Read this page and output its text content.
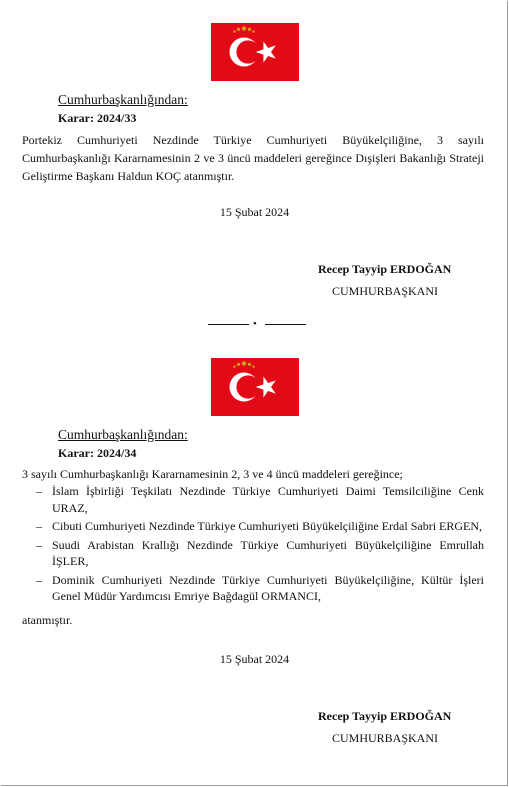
Cumhurbaşkanlığından:
Karar: 2024/33
Portekiz Cumhuriyeti Nezdinde Türkiye Cumhuriyeti Büyükelçiliğine, 3 sayılı Cumhurbaşkanlığı Kararnamesinin 2 ve 3 üncü maddeleri gereğince Dışişleri Bakanlığı Strateji Geliştirme Başkanı Haldun KOÇ atanmıştır.
15 Şubat 2024
Recep Tayyip ERDOĞAN
CUMHURBAŞKANI
•
Cumhurbaşkanlığından:
Karar: 2024/34
3 sayılı Cumhurbaşkanlığı Kararnamesinin 2, 3 ve 4 üncü maddeleri gereğince;
– İslam İşbirliği Teşkilatı Nezdinde Türkiye Cumhuriyeti Daimi Temsilciliğine Cenk URAZ,
– Cibuti Cumhuriyeti Nezdinde Türkiye Cumhuriyeti Büyükelçiliğine Erdal Sabri ERGEN,
– Suudi Arabistan Krallığı Nezdinde Türkiye Cumhuriyeti Büyükelçiliğine Emrullah İŞLER,
– Dominik Cumhuriyeti Nezdinde Türkiye Cumhuriyeti Büyükelçiliğine, Kültür İşleri Genel Müdür Yardımcısı Emriye Bağdagül ORMANCI,
atanmıştır.
15 Şubat 2024
Recep Tayyip ERDOĞAN
CUMHURBAŞKANI
